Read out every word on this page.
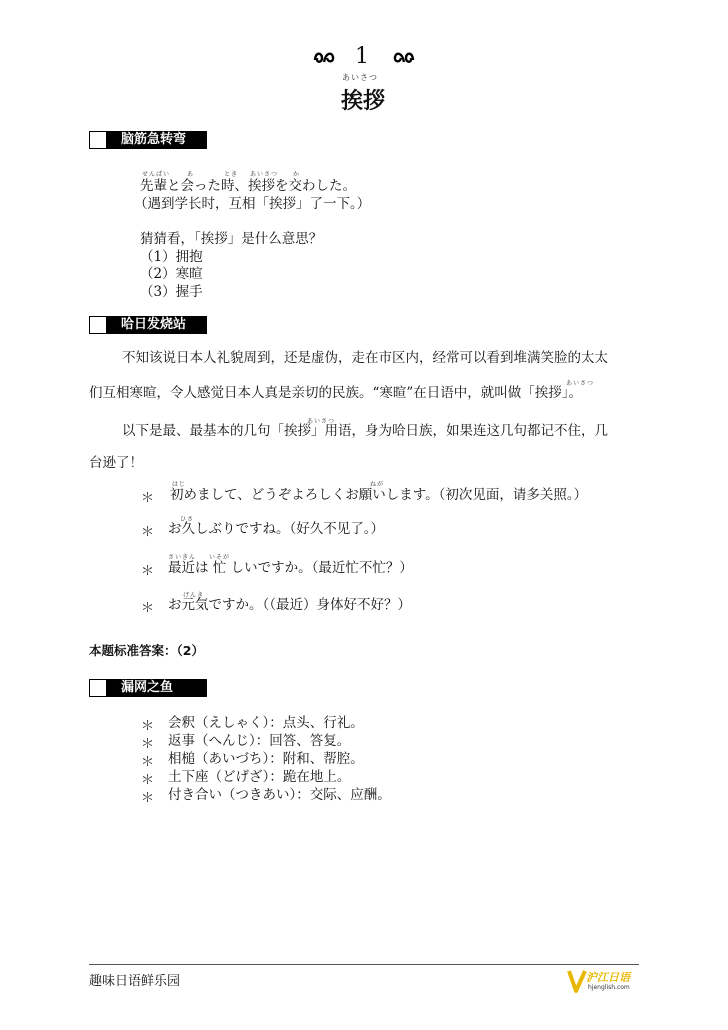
1
あいさつ
挨拶
脑筋急转弯
せんぱい	あ	とき あいさつ か
先輩と会った時、挨拶を交わした。
（遇到学长时，互相「挨拶」了一下。）
猜猜看，「挨拶」是什么意思？
（1）拥抱
（2）寒暄
（3）握手
哈日发烧站
不知该说日本人礼貌周到，还是虚伪，走在市区内，经常可以看到堆满笑脸的太太
あいさつ
们互相寒暄，令人感觉日本人真是亲切的民族。“寒暄”在日语中，就叫做「挨拶」。
あいさつ
以下是最、最基本的几句「挨拶」用语，身为哈日族，如果连这几句都记不住，几
台逊了！
＊
はじ	ねが
初めまして、どうぞよろしくお願いします。（初次见面，请多关照。）
＊
ひさ
お久しぶりですね。（好久不见了。）
＊
さいきん いそが
最近は 忙 しいですか。（最近忙不忙？）
＊
げんき
お元気ですか。（（最近）身体好不好？）
本题标准答案：（2）
漏网之鱼
＊ 会釈（えしゃく）：点头、行礼。
＊ 返事（へんじ）：回答、答复。
＊ 相槌（あいづち）：附和、帮腔。
＊ 土下座（どげざ）：跪在地上。
＊ 付き合い（つきあい）：交际、应酬。
趣味日语鲜乐园	沪江日语
hjenglish.com
